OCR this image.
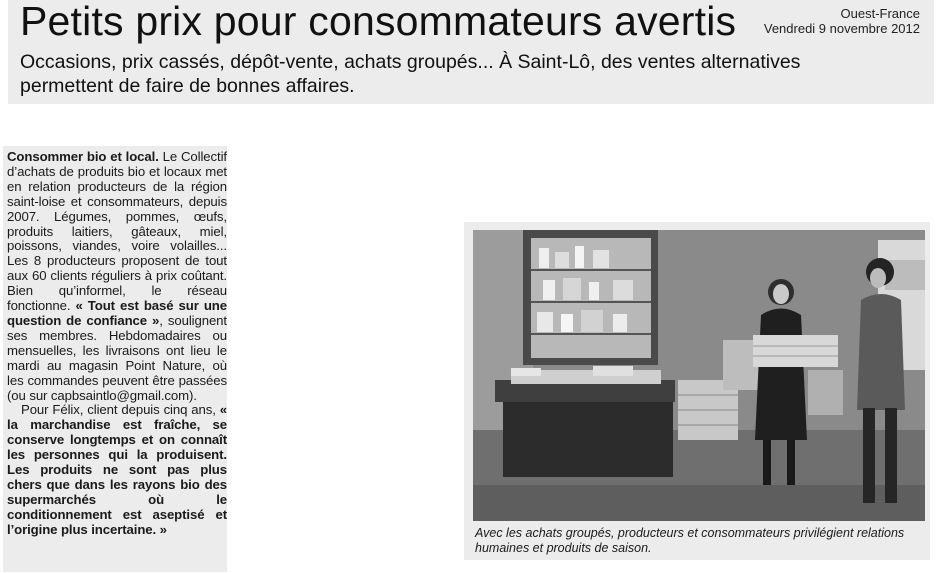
Petits prix pour consommateurs avertis	Ouest-France
Vendredi 9 novembre 2012
Occasions, prix cassés, dépôt-vente, achats groupés... À Saint-Lô, des ventes alternatives permettent de faire de bonnes affaires.

Consommer bio et local. Le Collectif d’achats de produits bio et locaux met en relation producteurs de la région saint-loise et consommateurs, depuis 2007. Légumes, pommes, œufs, produits laitiers, gâteaux, miel, poissons, viandes, voire volailles... Les 8 producteurs proposent de tout aux 60 clients réguliers à prix coûtant. Bien qu’informel, le réseau fonctionne. « Tout est basé sur une question de confiance », soulignent ses membres. Hebdomadaires ou mensuelles, les livraisons ont lieu le mardi au magasin Point Nature, où les commandes peuvent être passées (ou sur capbsaintlo@gmail.com).

Pour Félix, client depuis cinq ans, « la marchandise est fraîche, se conserve longtemps et on connaît les personnes qui la produisent. Les produits ne sont pas plus chers que dans les rayons bio des supermarchés où le conditionnement est aseptisé et l’origine plus incertaine. »	Avec les achats groupés, producteurs et consommateurs privilégient relations humaines et produits de saison.
